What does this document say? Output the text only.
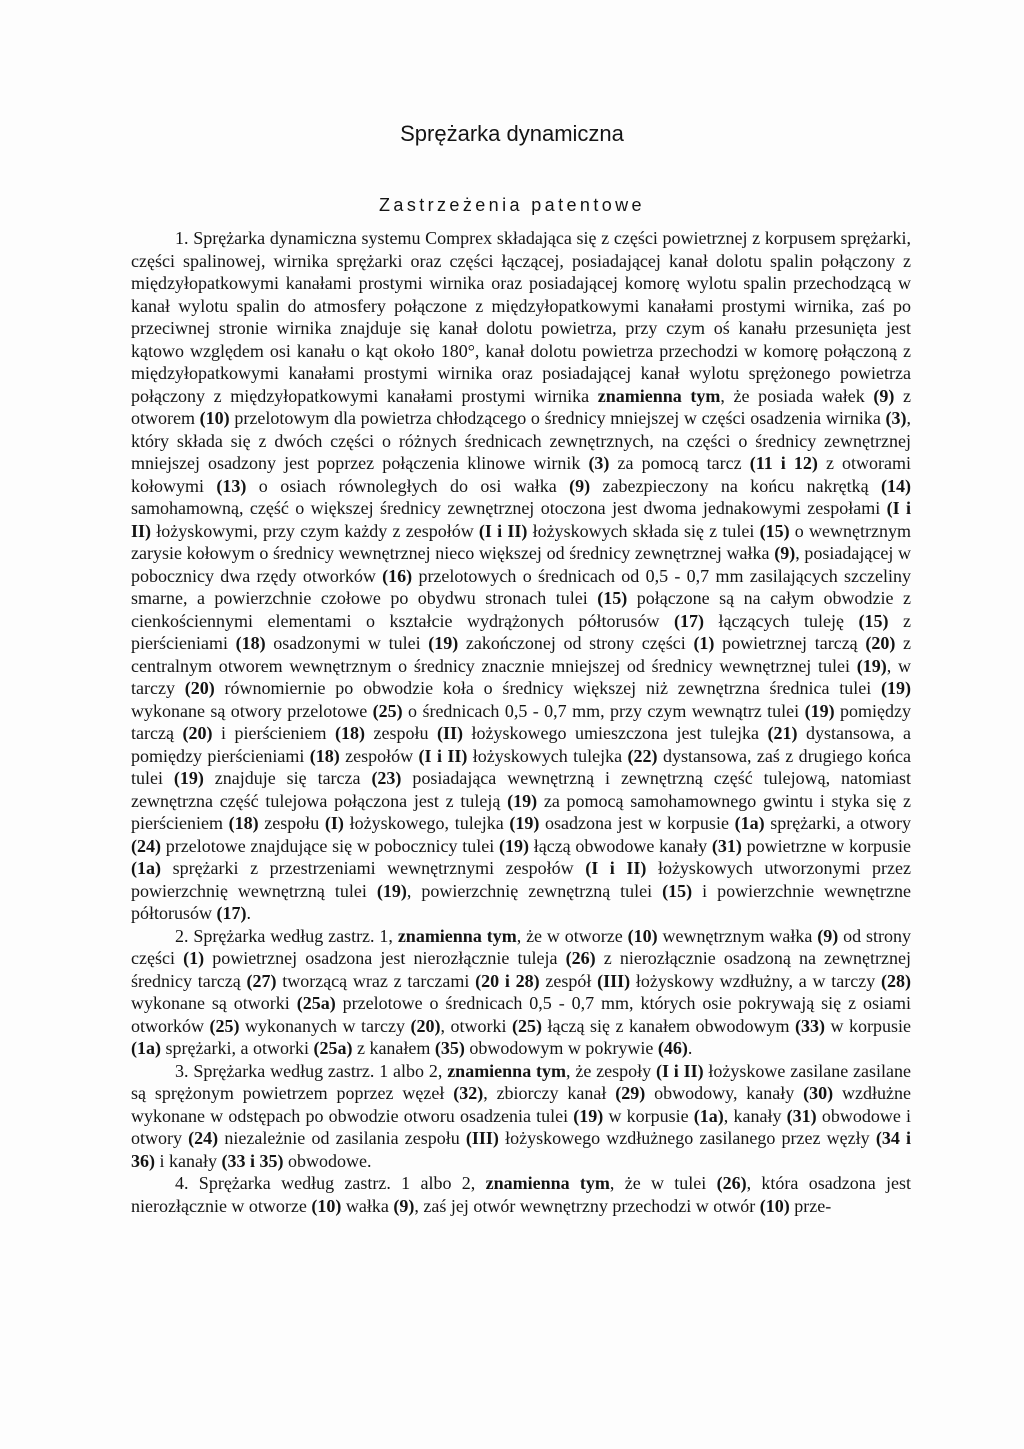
Sprężarka dynamiczna
Zastrzeżenia patentowe

1. Sprężarka dynamiczna systemu Comprex składająca się z części powietrznej z korpusem sprężarki, części spalinowej, wirnika sprężarki oraz części łączącej, posiadającej kanał dolotu spalin połączony z międzyłopatkowymi kanałami prostymi wirnika oraz posiadającej komorę wylotu spalin przechodzącą w kanał wylotu spalin do atmosfery połączone z międzyłopatkowymi kanałami prostymi wirnika, zaś po przeciwnej stronie wirnika znajduje się kanał dolotu powietrza, przy czym oś kanału przesunięta jest kątowo względem osi kanału o kąt około 180°, kanał dolotu powietrza przechodzi w komorę połączoną z międzyłopatkowymi kanałami prostymi wirnika oraz posiadającej kanał wylotu sprężonego powietrza połączony z międzyłopatkowymi kanałami prostymi wirnika znamienna tym, że posiada wałek (9) z otworem (10) przelotowym dla powietrza chłodzącego o średnicy mniejszej w części osadzenia wirnika (3), który składa się z dwóch części o różnych średnicach zewnętrznych, na części o średnicy zewnętrznej mniejszej osadzony jest poprzez połączenia klinowe wirnik (3) za pomocą tarcz (11 i 12) z otworami kołowymi (13) o osiach równoległych do osi wałka (9) zabezpieczony na końcu nakrętką (14) samohamowną, część o większej średnicy zewnętrznej otoczona jest dwoma jednakowymi zespołami (I i II) łożyskowymi, przy czym każdy z zespołów (I i II) łożyskowych składa się z tulei (15) o wewnętrznym zarysie kołowym o średnicy wewnętrznej nieco większej od średnicy zewnętrznej wałka (9), posiadającej w pobocznicy dwa rzędy otworków (16) przelotowych o średnicach od 0,5 - 0,7 mm zasilających szczeliny smarne, a powierzchnie czołowe po obydwu stronach tulei (15) połączone są na całym obwodzie z cienkościennymi elementami o kształcie wydrążonych półtorusów (17) łączących tuleję (15) z pierścieniami (18) osadzonymi w tulei (19) zakończonej od strony części (1) powietrznej tarczą (20) z centralnym otworem wewnętrznym o średnicy znacznie mniejszej od średnicy wewnętrznej tulei (19), w tarczy (20) równomiernie po obwodzie koła o średnicy większej niż zewnętrzna średnica tulei (19) wykonane są otwory przelotowe (25) o średnicach 0,5 - 0,7 mm, przy czym wewnątrz tulei (19) pomiędzy tarczą (20) i pierścieniem (18) zespołu (II) łożyskowego umieszczona jest tulejka (21) dystansowa, a pomiędzy pierścieniami (18) zespołów (I i II) łożyskowych tulejka (22) dystansowa, zaś z drugiego końca tulei (19) znajduje się tarcza (23) posiadająca wewnętrzną i zewnętrzną część tulejową, natomiast zewnętrzna część tulejowa połączona jest z tuleją (19) za pomocą samohamownego gwintu i styka się z pierścieniem (18) zespołu (I) łożyskowego, tulejka (19) osadzona jest w korpusie (1a) sprężarki, a otwory (24) przelotowe znajdujące się w pobocznicy tulei (19) łączą obwodowe kanały (31) powietrzne w korpusie (1a) sprężarki z przestrzeniami wewnętrznymi zespołów (I i II) łożyskowych utworzonymi przez powierzchnię wewnętrzną tulei (19), powierzchnię zewnętrzną tulei (15) i powierzchnie wewnętrzne półtorusów (17).

2. Sprężarka według zastrz. 1, znamienna tym, że w otworze (10) wewnętrznym wałka (9) od strony części (1) powietrznej osadzona jest nierozłącznie tuleja (26) z nierozłącznie osadzoną na zewnętrznej średnicy tarczą (27) tworzącą wraz z tarczami (20 i 28) zespół (III) łożyskowy wzdłużny, a w tarczy (28) wykonane są otworki (25a) przelotowe o średnicach 0,5 - 0,7 mm, których osie pokrywają się z osiami otworków (25) wykonanych w tarczy (20), otworki (25) łączą się z kanałem obwodowym (33) w korpusie (1a) sprężarki, a otworki (25a) z kanałem (35) obwodowym w pokrywie (46).

3. Sprężarka według zastrz. 1 albo 2, znamienna tym, że zespoły (I i II) łożyskowe zasilane zasilane są sprężonym powietrzem poprzez węzeł (32), zbiorczy kanał (29) obwodowy, kanały (30) wzdłużne wykonane w odstępach po obwodzie otworu osadzenia tulei (19) w korpusie (1a), kanały (31) obwodowe i otwory (24) niezależnie od zasilania zespołu (III) łożyskowego wzdłużnego zasilanego przez węzły (34 i 36) i kanały (33 i 35) obwodowe.

4. Sprężarka według zastrz. 1 albo 2, znamienna tym, że w tulei (26), która osadzona jest nierozłącznie w otworze (10) wałka (9), zaś jej otwór wewnętrzny przechodzi w otwór (10) prze-
